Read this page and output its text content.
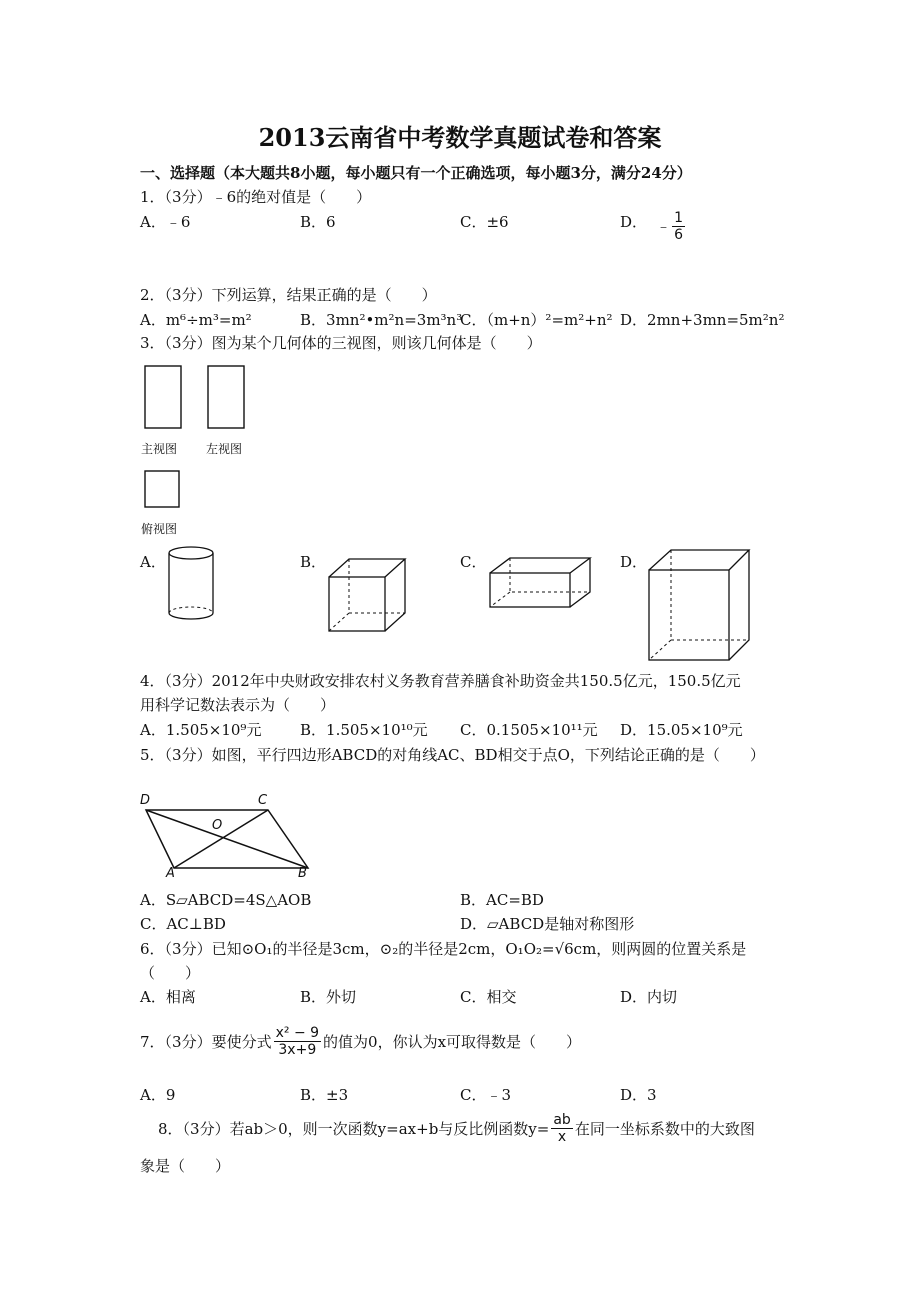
2013云南省中考数学真题试卷和答案
一、选择题（本大题共8小题，每小题只有一个正确选项，每小题3分，满分24分）
1．（3分）﹣6的绝对值是（　　）
A．﹣6	B．6	C．±6	D． ﹣ $\frac{1}{6}$
2．（3分）下列运算，结果正确的是（　　）
A．m⁶÷m³=m²	B．3mn²•m²n=3m³n³
C．（m+n）²=m²+n² D．2mn+3mn=5m²n²
3．（3分）图为某个几何体的三视图，则该几何体是（　　）
主视图 左视图
俯视图
A．	B．	C．	D．
4．（3分）2012年中央财政安排农村义务教育营养膳食补助资金共150.5亿元，150.5亿元
用科学记数法表示为（　　）
A．1.505×10⁹元	B．1.505×10¹⁰元 C．0.1505×10¹¹元 D．15.05×10⁹元
5．（3分）如图，平行四边形ABCD的对角线AC、BD相交于点O，下列结论正确的是（　　）
D	C
O
A	B
A．S▱ABCD=4S△AOB	B．AC=BD
C．AC⊥BD	D．▱ABCD是轴对称图形
6．（3分）已知⊙O₁的半径是3cm，⊙₂的半径是2cm，O₁O₂=√6cm，则两圆的位置关系是
（　　）
A．相离	B．外切	C．相交	D．内切
7．（3分）要使分式 $\frac{\text{x² − 9}}{3x+9}$ 的值为0，你认为x可取得数是（　　）
A．9	B．±3	C．﹣3	D．3
8．（3分）若ab＞0，则一次函数y=ax+b与反比例函数$y= \frac{ab}{x}$ 在同一坐标系数中的大致图
象是（　　）
